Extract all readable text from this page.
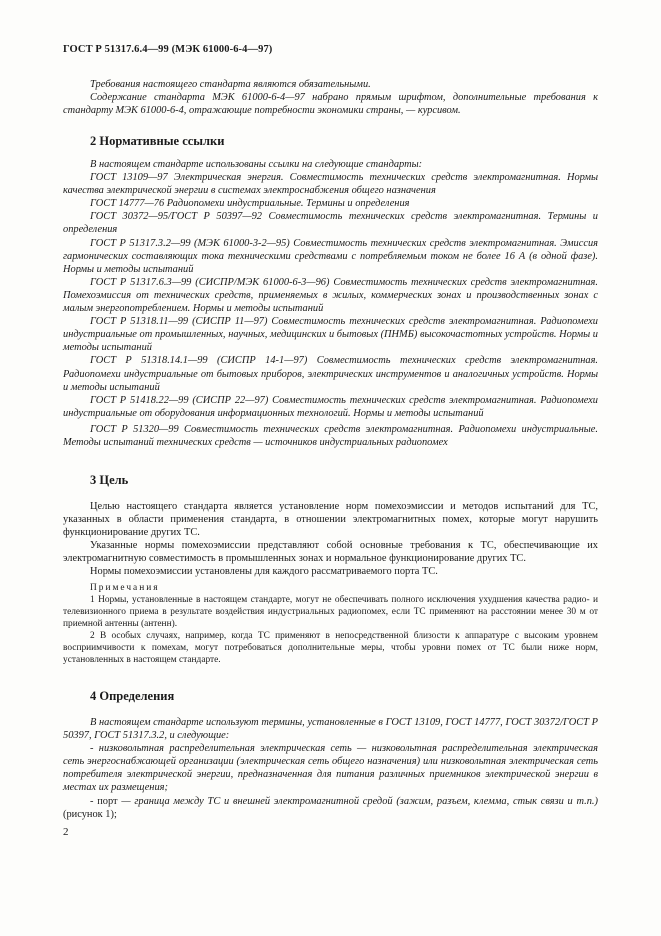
ГОСТ Р 51317.6.4—99 (МЭК 61000-6-4—97)

Требования настоящего стандарта являются обязательными.

Содержание стандарта МЭК 61000-6-4—97 набрано прямым шрифтом, дополнительные требования к стандарту МЭК 61000-6-4, отражающие потребности экономики страны, — курсивом.

2 Нормативные ссылки

В настоящем стандарте использованы ссылки на следующие стандарты:

ГОСТ 13109—97 Электрическая энергия. Совместимость технических средств электромагнитная. Нормы качества электрической энергии в системах электроснабжения общего назначения

ГОСТ 14777—76 Радиопомехи индустриальные. Термины и определения

ГОСТ 30372—95/ГОСТ Р 50397—92 Совместимость технических средств электромагнитная. Термины и определения

ГОСТ Р 51317.3.2—99 (МЭК 61000-3-2—95) Совместимость технических средств электромагнитная. Эмиссия гармонических составляющих тока техническими средствами с потребляемым током не более 16 А (в одной фазе). Нормы и методы испытаний

ГОСТ Р 51317.6.3—99 (СИСПР/МЭК 61000-6-3—96) Совместимость технических средств электромагнитная. Помехоэмиссия от технических средств, применяемых в жилых, коммерческих зонах и производственных зонах с малым энергопотреблением. Нормы и методы испытаний

ГОСТ Р 51318.11—99 (СИСПР 11—97) Совместимость технических средств электромагнитная. Радиопомехи индустриальные от промышленных, научных, медицинских и бытовых (ПНМБ) высокочастотных устройств. Нормы и методы испытаний

ГОСТ Р 51318.14.1—99 (СИСПР 14-1—97) Совместимость технических средств электромагнитная. Радиопомехи индустриальные от бытовых приборов, электрических инструментов и аналогичных устройств. Нормы и методы испытаний

ГОСТ Р 51418.22—99 (СИСПР 22—97) Совместимость технических средств электромагнитная. Радиопомехи индустриальные от оборудования информационных технологий. Нормы и методы испытаний

ГОСТ Р 51320—99 Совместимость технических средств электромагнитная. Радиопомехи индустриальные. Методы испытаний технических средств — источников индустриальных радиопомех

3 Цель

Целью настоящего стандарта является установление норм помехоэмиссии и методов испытаний для ТС, указанных в области применения стандарта, в отношении электромагнитных помех, которые могут нарушить функционирование других ТС.

Указанные нормы помехоэмиссии представляют собой основные требования к ТС, обеспечивающие их электромагнитную совместимость в промышленных зонах и нормальное функционирование других ТС.

Нормы помехоэмиссии установлены для каждого рассматриваемого порта ТС.

Примечания

1 Нормы, установленные в настоящем стандарте, могут не обеспечивать полного исключения ухудшения качества радио- и телевизионного приема в результате воздействия индустриальных радиопомех, если ТС применяют на расстоянии менее 30 м от приемной антенны (антенн).

2 В особых случаях, например, когда ТС применяют в непосредственной близости к аппаратуре с высоким уровнем восприимчивости к помехам, могут потребоваться дополнительные меры, чтобы уровни помех от ТС были ниже норм, установленных в настоящем стандарте.

4 Определения

В настоящем стандарте используют термины, установленные в ГОСТ 13109, ГОСТ 14777, ГОСТ 30372/ГОСТ Р 50397, ГОСТ 51317.3.2, и следующие:

- низковольтная распределительная электрическая сеть — низковольтная распределительная электрическая сеть энергоснабжающей организации (электрическая сеть общего назначения) или низковольтная электрическая сеть потребителя электрической энергии, предназначенная для питания различных приемников электрической энергии в местах их размещения;

- порт — граница между ТС и внешней электромагнитной средой (зажим, разъем, клемма, стык связи и т.п.) (рисунок 1);

2
